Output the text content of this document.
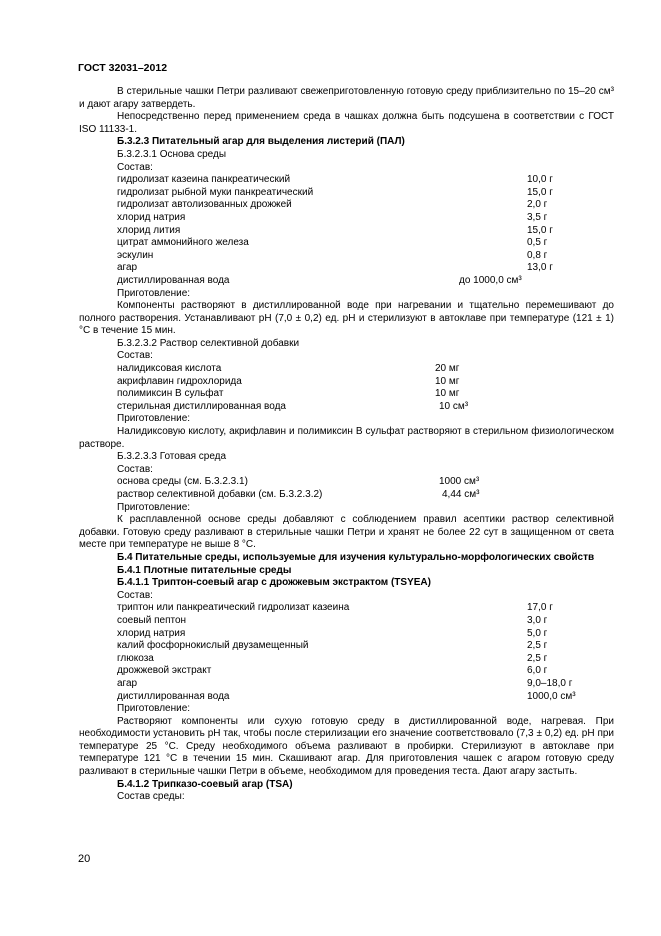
ГОСТ 32031–2012
В стерильные чашки Петри разливают свежеприготовленную готовую среду приблизительно по 15–20 см³ и дают агару затвердеть.
Непосредственно перед применением среда в чашках должна быть подсушена в соответствии с ГОСТ ISO 11133-1.
Б.3.2.3 Питательный агар для выделения листерий (ПАЛ)
Б.3.2.3.1 Основа среды
Состав:
гидролизат казеина панкреатический	10,0 г
гидролизат рыбной муки панкреатический	15,0 г
гидролизат автолизованных дрожжей	2,0 г
хлорид натрия	3,5 г
хлорид лития	15,0 г
цитрат аммонийного железа	0,5 г
эскулин	0,8 г
агар	13,0 г
дистиллированная вода	до 1000,0 см³
Приготовление:
Компоненты растворяют в дистиллированной воде при нагревании и тщательно перемешивают до полного растворения. Устанавливают pH (7,0 ± 0,2) ед. pH и стерилизуют в автоклаве при температуре (121 ± 1) °С в течение 15 мин.
Б.3.2.3.2 Раствор селективной добавки
Состав:
налидиксовая кислота	20 мг
акрифлавин гидрохлорида	10 мг
полимиксин В сульфат	10 мг
стерильная дистиллированная вода	10 см³
Приготовление:
Налидиксовую кислоту, акрифлавин и полимиксин В сульфат растворяют в стерильном физиологическом растворе.
Б.3.2.3.3 Готовая среда
Состав:
основа среды (см. Б.3.2.3.1)	1000 см³
раствор селективной добавки (см. Б.3.2.3.2)	4,44 см³
Приготовление:
К расплавленной основе среды добавляют с соблюдением правил асептики раствор селективной добавки. Готовую среду разливают в стерильные чашки Петри и хранят не более 22 сут в защищенном от света месте при температуре не выше 8 °С.
Б.4 Питательные среды, используемые для изучения культурально-морфологических свойств
Б.4.1 Плотные питательные среды
Б.4.1.1 Триптон-соевый агар с дрожжевым экстрактом (TSYEA)
Состав:
триптон или панкреатический гидролизат казеина	17,0 г
соевый пептон	3,0 г
хлорид натрия	5,0 г
калий фосфорнокислый двузамещенный	2,5 г
глюкоза	2,5 г
дрожжевой экстракт	6,0 г
агар	9,0–18,0 г
дистиллированная вода	1000,0 см³
Приготовление:
Растворяют компоненты или сухую готовую среду в дистиллированной воде, нагревая. При необходимости установить pH так, чтобы после стерилизации его значение соответствовало (7,3 ± 0,2) ед. pH при температуре 25 °С. Среду необходимого объема разливают в пробирки. Стерилизуют в автоклаве при температуре 121 °С в течении 15 мин. Скашивают агар. Для приготовления чашек с агаром готовую среду разливают в стерильные чашки Петри в объеме, необходимом для проведения теста. Дают агару застыть.
Б.4.1.2 Трипказо-соевый агар (TSA)
Состав среды:
20
